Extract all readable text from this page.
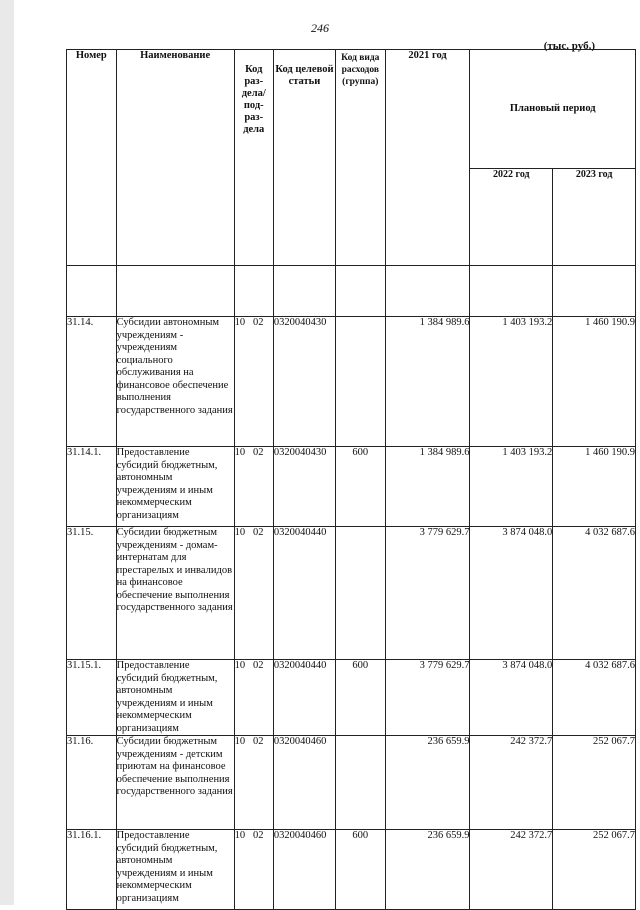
246
(тыс. руб.)
Номер	Наименование	Код раз-дела/ под-раз-дела	Код целевой статьи	Код вида расходов (группа)	2021 год	Плановый период	
						2022 год	2023 год

31.14.	Субсидии автономным учреждениям - учреждениям социального обслуживания на финансовое обеспечение выполнения государственного задания	10   02	0320040430		1 384 989.6	1 403 193.2	1 460 190.9
31.14.1.	Предоставление субсидий бюджетным, автономным учреждениям и иным некоммерческим организациям	10   02	0320040430	600	1 384 989.6	1 403 193.2	1 460 190.9
31.15.	Субсидии бюджетным учреждениям - домам-интернатам для престарелых и инвалидов на финансовое обеспечение выполнения государственного задания	10   02	0320040440		3 779 629.7	3 874 048.0	4 032 687.6
31.15.1.	Предоставление субсидий бюджетным, автономным учреждениям и иным некоммерческим организациям	10   02	0320040440	600	3 779 629.7	3 874 048.0	4 032 687.6
31.16.	Субсидии бюджетным учреждениям - детским приютам на финансовое обеспечение выполнения государственного задания	10   02	0320040460		236 659.9	242 372.7	252 067.7
31.16.1.	Предоставление субсидий бюджетным, автономным учреждениям и иным некоммерческим организациям	10   02	0320040460	600	236 659.9	242 372.7	252 067.7
